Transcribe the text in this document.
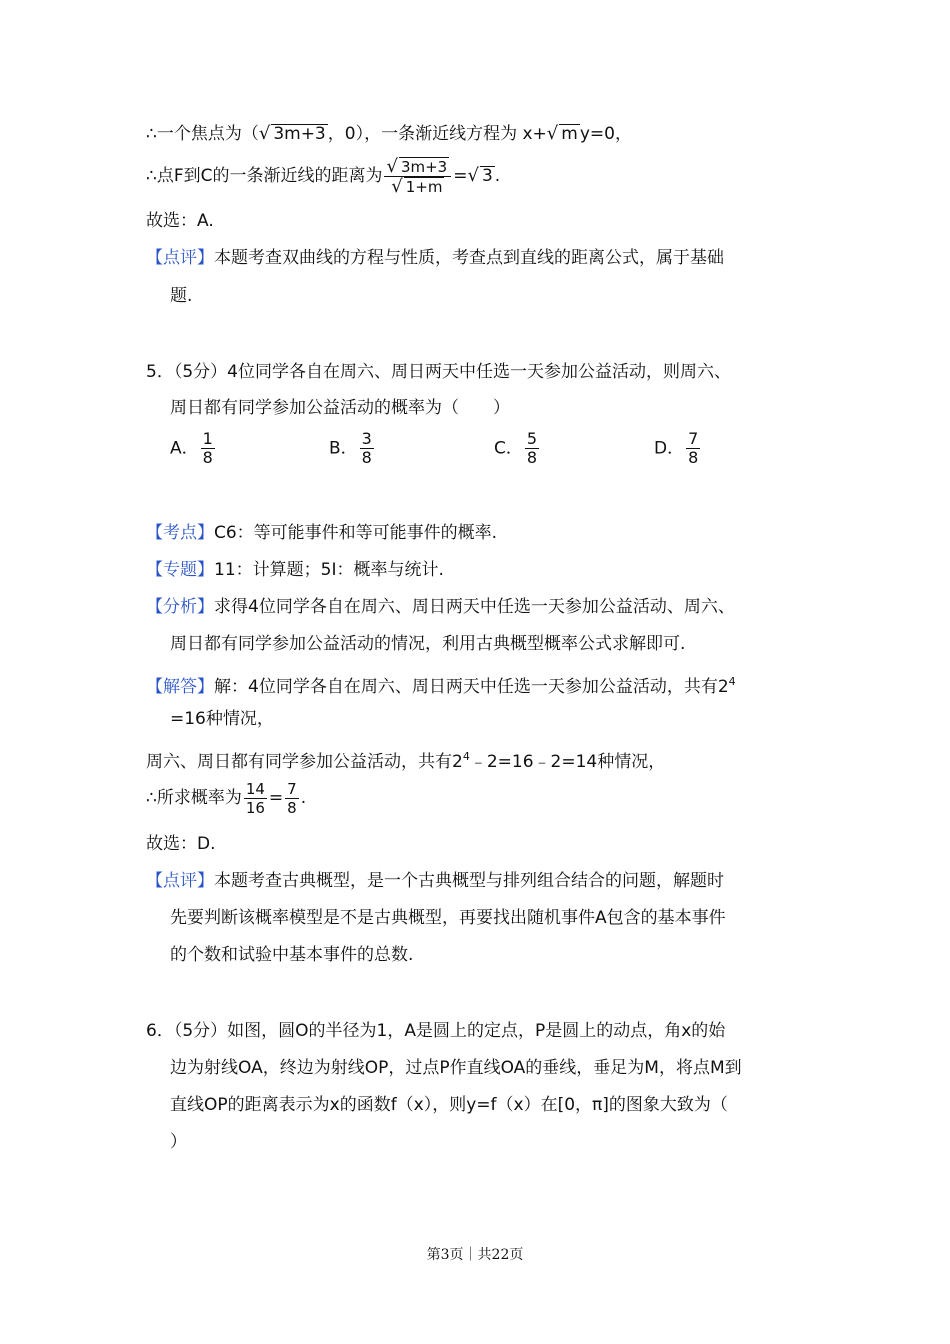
∴一个焦点为（√ 3m+3 ，0），一条渐近线方程为 x+√ m y=0，
∴点F到C的一条渐近线的距离为 $\frac{√ 3m+3}{√ 1+m}$ =√ 3 .
故选：A.
【点评】本题考查双曲线的方程与性质，考查点到直线的距离公式，属于基础
题.
5．（5分）4位同学各自在周六、周日两天中任选一天参加公益活动，则周六、
周日都有同学参加公益活动的概率为（　　）
A． $\frac{1}{8}$	B． $\frac{3}{8}$	C． $\frac{5}{8}$	D． $\frac{7}{8}$
【考点】C6：等可能事件和等可能事件的概率.
【专题】11：计算题；5I：概率与统计.
【分析】求得4位同学各自在周六、周日两天中任选一天参加公益活动、周六、
周日都有同学参加公益活动的情况，利用古典概型概率公式求解即可.
【解答】解：4位同学各自在周六、周日两天中任选一天参加公益活动，共有$2^4$
=16种情况，
周六、周日都有同学参加公益活动，共有$2^4﹣2=16﹣2=14$种情况，
∴所求概率为 $\frac{14}{16} = \frac{7}{8}$ .
故选：D.
【点评】本题考查古典概型，是一个古典概型与排列组合结合的问题，解题时
先要判断该概率模型是不是古典概型，再要找出随机事件A包含的基本事件
的个数和试验中基本事件的总数.
6．（5分）如图，圆O的半径为1，A是圆上的定点，P是圆上的动点，角x的始
边为射线OA，终边为射线OP，过点P作直线OA的垂线，垂足为M，将点M到
直线OP的距离表示为x的函数f（x），则y=f（x）在[0，π]的图象大致为（
）
第3页｜共22页
